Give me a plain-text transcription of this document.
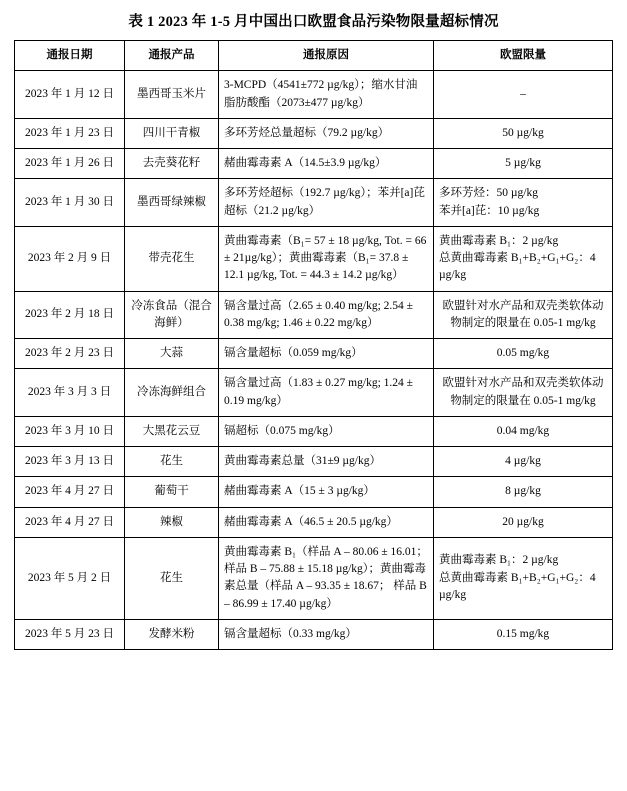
表 1 2023 年 1-5 月中国出口欧盟食品污染物限量超标情况
通报日期	通报产品	通报原因	欧盟限量
2023 年 1 月 12 日	墨西哥玉米片	3-MCPD（4541±772 µg/kg）；缩水甘油脂肪酸酯（2073±477 µg/kg）	–
2023 年 1 月 23 日	四川干青椒	多环芳烃总量超标（79.2 µg/kg）	50 µg/kg
2023 年 1 月 26 日	去壳葵花籽	赭曲霉毒素 A（14.5±3.9 µg/kg）	5 µg/kg
2023 年 1 月 30 日	墨西哥绿辣椒	多环芳烃超标（192.7 µg/kg）；苯并[a]芘超标（21.2 µg/kg）	多环芳烃：50 µg/kg
苯并[a]芘：10 µg/kg
2023 年 2 月 9 日	带壳花生	黄曲霉毒素（B₁= 57 ± 18 µg/kg, Tot. = 66 ± 21µg/kg）；黄曲霉毒素（B₁= 37.8 ± 12.1 µg/kg, Tot. = 44.3 ± 14.2 µg/kg）	黄曲霉毒素 B₁：2 µg/kg
总黄曲霉毒素 B₁+B₂+G₁+G₂：4 µg/kg
2023 年 2 月 18 日	冷冻食品（混合海鲜）	镉含量过高（2.65 ± 0.40 mg/kg; 2.54 ± 0.38 mg/kg; 1.46 ± 0.22 mg/kg）	欧盟针对水产品和双壳类软体动物制定的限量在 0.05-1 mg/kg
2023 年 2 月 23 日	大蒜	镉含量超标（0.059 mg/kg）	0.05 mg/kg
2023 年 3 月 3 日	冷冻海鲜组合	镉含量过高（1.83 ± 0.27 mg/kg; 1.24 ± 0.19 mg/kg）	欧盟针对水产品和双壳类软体动物制定的限量在 0.05-1 mg/kg
2023 年 3 月 10 日	大黑花云豆	镉超标（0.075 mg/kg）	0.04 mg/kg
2023 年 3 月 13 日	花生	黄曲霉毒素总量（31±9 µg/kg）	4 µg/kg
2023 年 4 月 27 日	葡萄干	赭曲霉毒素 A（15 ± 3 µg/kg）	8 µg/kg
2023 年 4 月 27 日	辣椒	赭曲霉毒素 A（46.5 ± 20.5 µg/kg）	20 µg/kg
2023 年 5 月 2 日	花生	黄曲霉毒素 B₁（样品 A – 80.06 ± 16.01；样品 B – 75.88 ± 15.18 µg/kg）；黄曲霉毒素总量（样品 A – 93.35 ± 18.67； 样品 B – 86.99 ± 17.40 µg/kg）	黄曲霉毒素 B₁：2 µg/kg
总黄曲霉毒素 B₁+B₂+G₁+G₂：4 µg/kg
2023 年 5 月 23 日	发酵米粉	镉含量超标（0.33 mg/kg）	0.15 mg/kg
